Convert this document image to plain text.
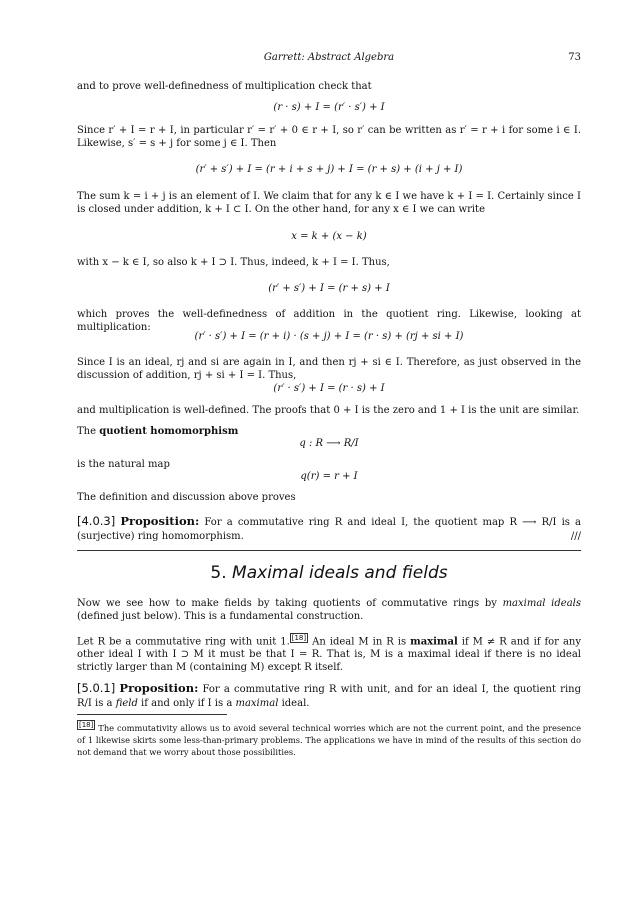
Garrett: Abstract Algebra	73
and to prove well-definedness of multiplication check that
(r · s) + I = (r′ · s′) + I
Since r′ + I = r + I, in particular r′ = r′ + 0 ∈ r + I, so r′ can be written as r′ = r + i for some i ∈ I. Likewise, s′ = s + j for some j ∈ I. Then
(r′ + s′) + I = (r + i + s + j) + I = (r + s) + (i + j + I)
The sum k = i + j is an element of I. We claim that for any k ∈ I we have k + I = I. Certainly since I is closed under addition, k + I ⊂ I. On the other hand, for any x ∈ I we can write
x = k + (x − k)
with x − k ∈ I, so also k + I ⊃ I. Thus, indeed, k + I = I. Thus,
(r′ + s′) + I = (r + s) + I
which proves the well-definedness of addition in the quotient ring. Likewise, looking at multiplication:
(r′ · s′) + I = (r + i) · (s + j) + I = (r · s) + (rj + si + I)
Since I is an ideal, rj and si are again in I, and then rj + si ∈ I. Therefore, as just observed in the discussion of addition, rj + si + I = I. Thus,
(r′ · s′) + I = (r · s) + I
and multiplication is well-defined. The proofs that 0 + I is the zero and 1 + I is the unit are similar.
The quotient homomorphism
q : R ⟶ R/I
is the natural map
q(r) = r + I
The definition and discussion above proves
[4.0.3] Proposition: For a commutative ring R and ideal I, the quotient map R ⟶ R/I is a (surjective) ring homomorphism.	///
5. Maximal ideals and fields
Now we see how to make fields by taking quotients of commutative rings by maximal ideals (defined just below). This is a fundamental construction.
Let R be a commutative ring with unit 1. [18] An ideal M in R is maximal if M ≠ R and if for any other ideal I with I ⊃ M it must be that I = R. That is, M is a maximal ideal if there is no ideal strictly larger than M (containing M) except R itself.
[5.0.1] Proposition: For a commutative ring R with unit, and for an ideal I, the quotient ring R/I is a field if and only if I is a maximal ideal.
[18] The commutativity allows us to avoid several technical worries which are not the current point, and the presence of 1 likewise skirts some less-than-primary problems. The applications we have in mind of the results of this section do not demand that we worry about those possibilities.
